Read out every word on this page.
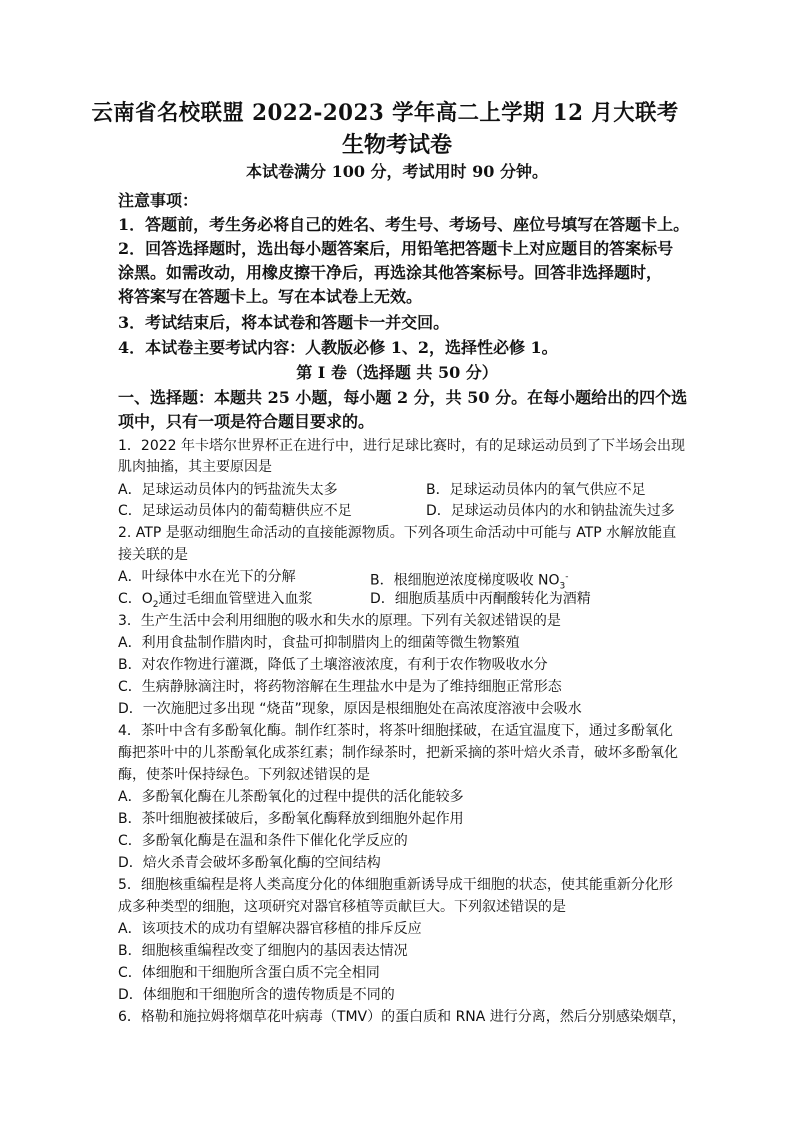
云南省名校联盟 2022-2023 学年高二上学期 12 月大联考
生物考试卷
本试卷满分 100 分，考试用时 90 分钟。
注意事项：
1．答题前，考生务必将自己的姓名、考生号、考场号、座位号填写在答题卡上。
2．回答选择题时，选出每小题答案后，用铅笔把答题卡上对应题目的答案标号
涂黑。如需改动，用橡皮擦干净后，再选涂其他答案标号。回答非选择题时，
将答案写在答题卡上。写在本试卷上无效。
3．考试结束后，将本试卷和答题卡一并交回。
4．本试卷主要考试内容：人教版必修 1、2，选择性必修 1。
第 Ⅰ 卷（选择题 共 50 分）
一、选择题：本题共 25 小题，每小题 2 分，共 50 分。在每小题给出的四个选
项中，只有一项是符合题目要求的。
1．2022 年卡塔尔世界杯正在进行中，进行足球比赛时，有的足球运动员到了下半场会出现
肌肉抽搐，其主要原因是
A．足球运动员体内的钙盐流失太多	B．足球运动员体内的氧气供应不足
C．足球运动员体内的葡萄糖供应不足	D．足球运动员体内的水和钠盐流失过多
2. ATP 是驱动细胞生命活动的直接能源物质。下列各项生命活动中可能与 ATP 水解放能直
接关联的是
A．叶绿体中水在光下的分解	B．根细胞逆浓度梯度吸收 $NO_3^-$
C．$O_2$通过毛细血管壁进入血浆	D．细胞质基质中丙酮酸转化为酒精
3．生产生活中会利用细胞的吸水和失水的原理。下列有关叙述错误的是
A．利用食盐制作腊肉时，食盐可抑制腊肉上的细菌等微生物繁殖
B．对农作物进行灌溉，降低了土壤溶液浓度，有利于农作物吸收水分
C．生病静脉滴注时，将药物溶解在生理盐水中是为了维持细胞正常形态
D．一次施肥过多出现 “烧苗”现象，原因是根细胞处在高浓度溶液中会吸水
4．茶叶中含有多酚氧化酶。制作红茶时，将茶叶细胞揉破，在适宜温度下，通过多酚氧化
酶把茶叶中的儿茶酚氧化成茶红素；制作绿茶时，把新采摘的茶叶焙火杀青，破坏多酚氧化
酶，使茶叶保持绿色。下列叙述错误的是
A．多酚氧化酶在儿茶酚氧化的过程中提供的活化能较多
B．茶叶细胞被揉破后，多酚氧化酶释放到细胞外起作用
C．多酚氧化酶是在温和条件下催化化学反应的
D．焙火杀青会破坏多酚氧化酶的空间结构
5．细胞核重编程是将人类高度分化的体细胞重新诱导成干细胞的状态，使其能重新分化形
成多种类型的细胞，这项研究对器官移植等贡献巨大。下列叙述错误的是
A．该项技术的成功有望解决器官移植的排斥反应
B．细胞核重编程改变了细胞内的基因表达情况
C．体细胞和干细胞所含蛋白质不完全相同
D．体细胞和干细胞所含的遗传物质是不同的
6．格勒和施拉姆将烟草花叶病毒（TMV）的蛋白质和 RNA 进行分离，然后分别感染烟草，
